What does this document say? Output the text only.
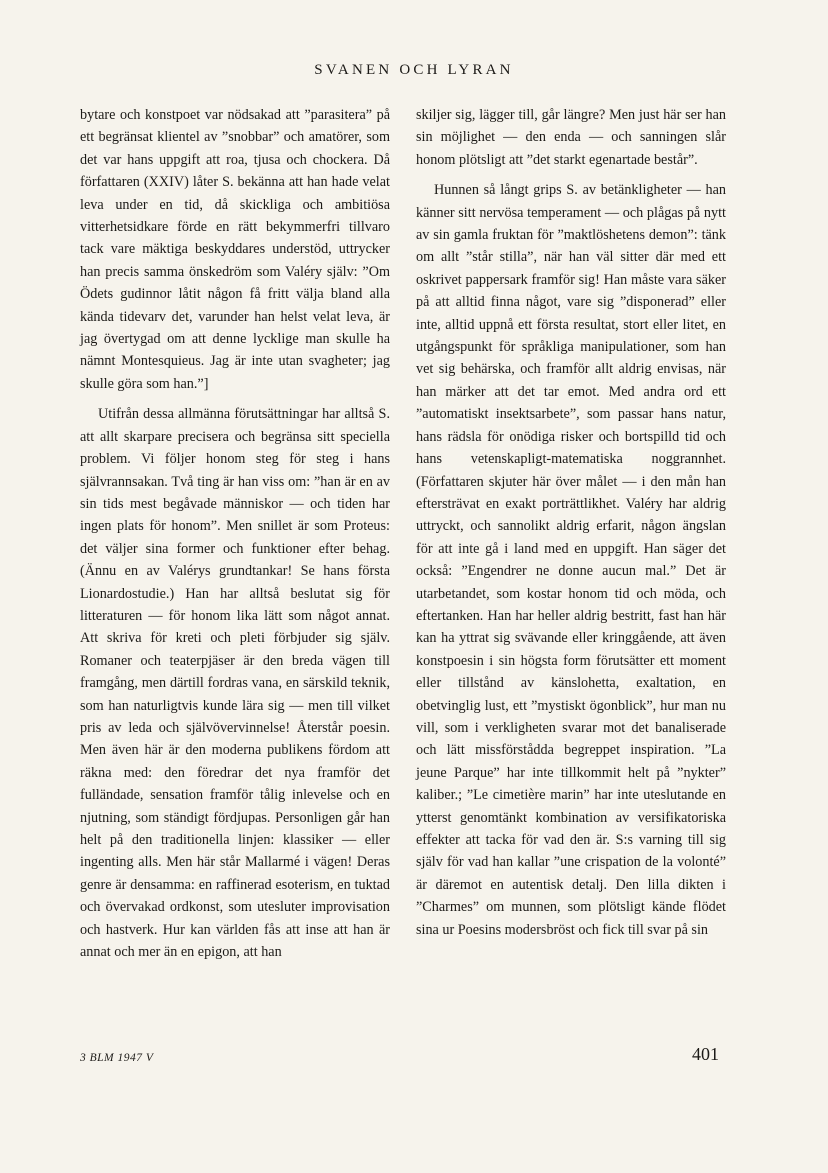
SVANEN OCH LYRAN

bytare och konstpoet var nödsakad att ”parasitera” på ett begränsat klientel av ”snobbar” och amatörer, som det var hans uppgift att roa, tjusa och chockera. Då författaren (XXIV) låter S. bekänna att han hade velat leva under en tid, då skickliga och ambitiösa vitterhetsidkare förde en rätt bekymmerfri tillvaro tack vare mäktiga beskyddares understöd, uttrycker han precis samma önskedröm som Valéry själv: ”Om Ödets gudinnor låtit någon få fritt välja bland alla kända tidevarv det, varunder han helst velat leva, är jag övertygad om att denne lycklige man skulle ha nämnt Montesquieus. Jag är inte utan svagheter; jag skulle göra som han.”]

Utifrån dessa allmänna förutsättningar har alltså S. att allt skarpare precisera och begränsa sitt speciella problem. Vi följer honom steg för steg i hans självrannsakan. Två ting är han viss om: ”han är en av sin tids mest begåvade människor — och tiden har ingen plats för honom”. Men snillet är som Proteus: det väljer sina former och funktioner efter behag. (Ännu en av Valérys grundtankar! Se hans första Lionardostudie.) Han har alltså beslutat sig för litteraturen — för honom lika lätt som något annat. Att skriva för kreti och pleti förbjuder sig själv. Romaner och teaterpjäser är den breda vägen till framgång, men därtill fordras vana, en särskild teknik, som han naturligtvis kunde lära sig — men till vilket pris av leda och självövervinnelse! Återstår poesin. Men även här är den moderna publikens fördom att räkna med: den föredrar det nya framför det fulländade, sensation framför tålig inlevelse och en njutning, som ständigt fördjupas. Personligen går han helt på den traditionella linjen: klassiker — eller ingenting alls. Men här står Mallarmé i vägen! Deras genre är densamma: en raffinerad esoterism, en tuktad och övervakad ordkonst, som utesluter improvisation och hastverk. Hur kan världen fås att inse att han är annat och mer än en epigon, att han

skiljer sig, lägger till, går längre? Men just här ser han sin möjlighet — den enda — och sanningen slår honom plötsligt att ”det starkt egenartade består”.

Hunnen så långt grips S. av betänkligheter — han känner sitt nervösa temperament — och plågas på nytt av sin gamla fruktan för ”maktlöshetens demon”: tänk om allt ”står stilla”, när han väl sitter där med ett oskrivet pappersark framför sig! Han måste vara säker på att alltid finna något, vare sig ”disponerad” eller inte, alltid uppnå ett första resultat, stort eller litet, en utgångspunkt för språkliga manipulationer, som han vet sig behärska, och framför allt aldrig envisas, när han märker att det tar emot. Med andra ord ett ”automatiskt insektsarbete”, som passar hans natur, hans rädsla för onödiga risker och bortspilld tid och hans vetenskapligt-matematiska noggrannhet. (Författaren skjuter här över målet — i den mån han eftersträvat en exakt porträttlikhet. Valéry har aldrig uttryckt, och sannolikt aldrig erfarit, någon ängslan för att inte gå i land med en uppgift. Han säger det också: ”Engendrer ne donne aucun mal.” Det är utarbetandet, som kostar honom tid och möda, och eftertanken. Han har heller aldrig bestritt, fast han här kan ha yttrat sig svävande eller kringgående, att även konstpoesin i sin högsta form förutsätter ett moment eller tillstånd av känslohetta, exaltation, en obetvinglig lust, ett ”mystiskt ögonblick”, hur man nu vill, som i verkligheten svarar mot det banaliserade och lätt missförstådda begreppet inspiration. ”La jeune Parque” har inte tillkommit helt på ”nykter” kaliber.; ”Le cimetière marin” har inte uteslutande en ytterst genomtänkt kombination av versifikatoriska effekter att tacka för vad den är. S:s varning till sig själv för vad han kallar ”une crispation de la volonté” är däremot en autentisk detalj. Den lilla dikten i ”Charmes” om munnen, som plötsligt kände flödet sina ur Poesins modersbröst och fick till svar på sin

3 BLM 1947 V	401
